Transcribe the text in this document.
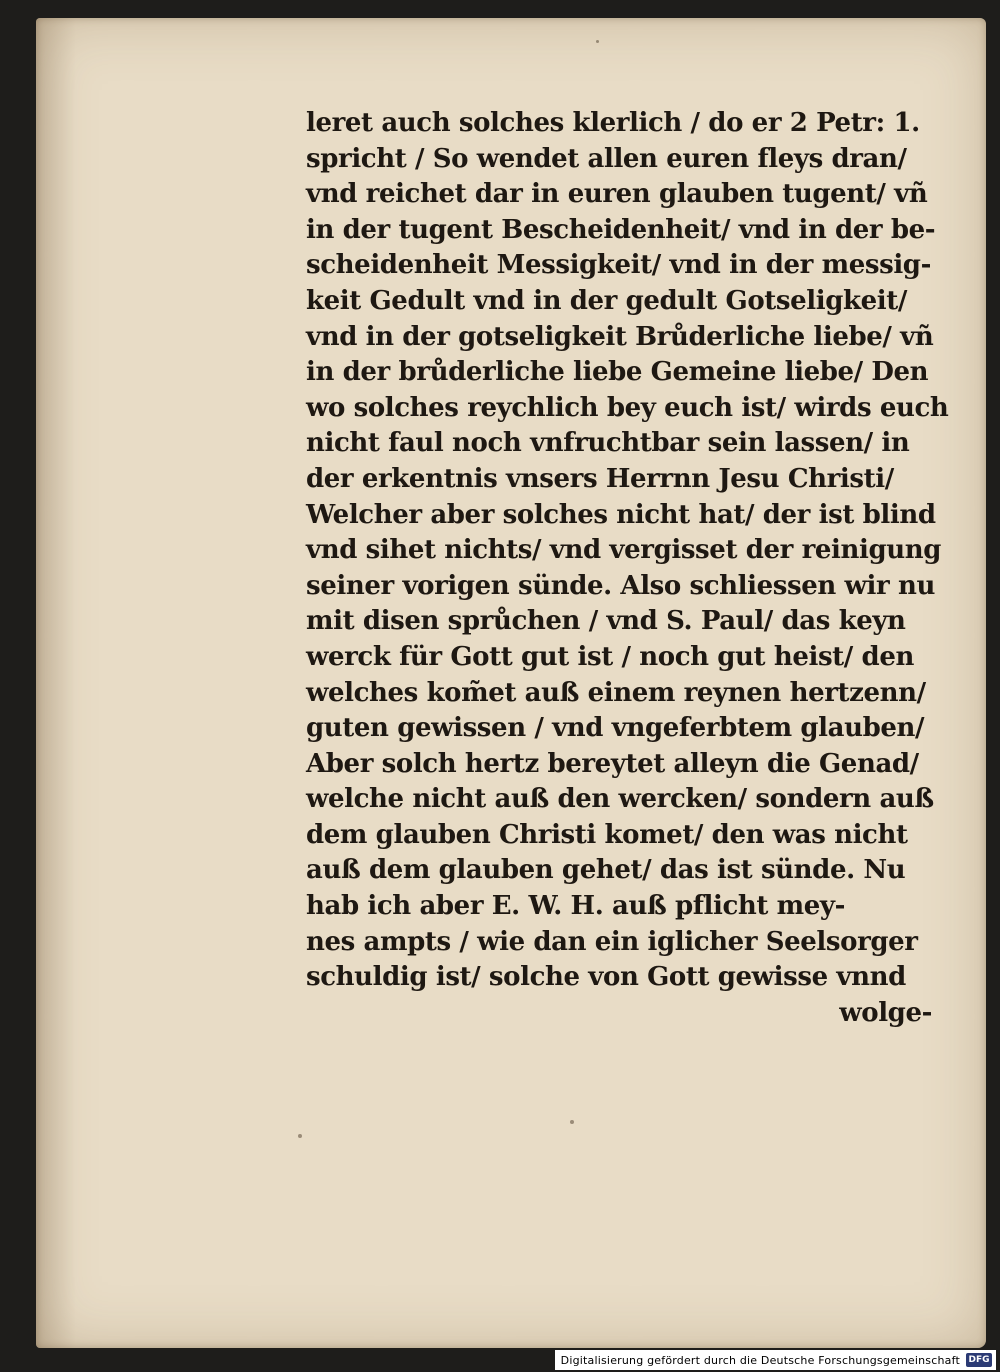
leret auch solches klerlich / do er 2 Petr: 1.
spricht / So wendet allen euren fleys dran/
vnd reichet dar in euren glauben tugent/ vñ
in der tugent Bescheidenheit/ vnd in der be-
scheidenheit Messigkeit/ vnd in der messig-
keit Gedult vnd in der gedult Gotseligkeit/
vnd in der gotseligkeit Brůderliche liebe/ vñ
in der brůderliche liebe Gemeine liebe/ Den
wo solches reychlich bey euch ist/ wirds euch
nicht faul noch vnfruchtbar sein lassen/ in
der erkentnis vnsers Herrnn Jesu Christi/
Welcher aber solches nicht hat/ der ist blind
vnd sihet nichts/ vnd vergisset der reinigung
seiner vorigen sünde. Also schliessen wir nu
mit disen sprůchen / vnd S. Paul/ das keyn
werck für Gott gut ist / noch gut heist/ den
welches kom̃et auß einem reynen hertzenn/
guten gewissen / vnd vngeferbtem glauben/
Aber solch hertz bereytet alleyn die Genad/
welche nicht auß den wercken/ sondern auß
dem glauben Christi komet/ den was nicht
auß dem glauben gehet/ das ist sünde. Nu
hab ich aber E. W. H. auß pflicht mey-
nes ampts / wie dan ein iglicher Seelsorger
schuldig ist/ solche von Gott gewisse vnnd
wolge-
Digitalisierung gefördert durch die Deutsche Forschungsgemeinschaft DFG
